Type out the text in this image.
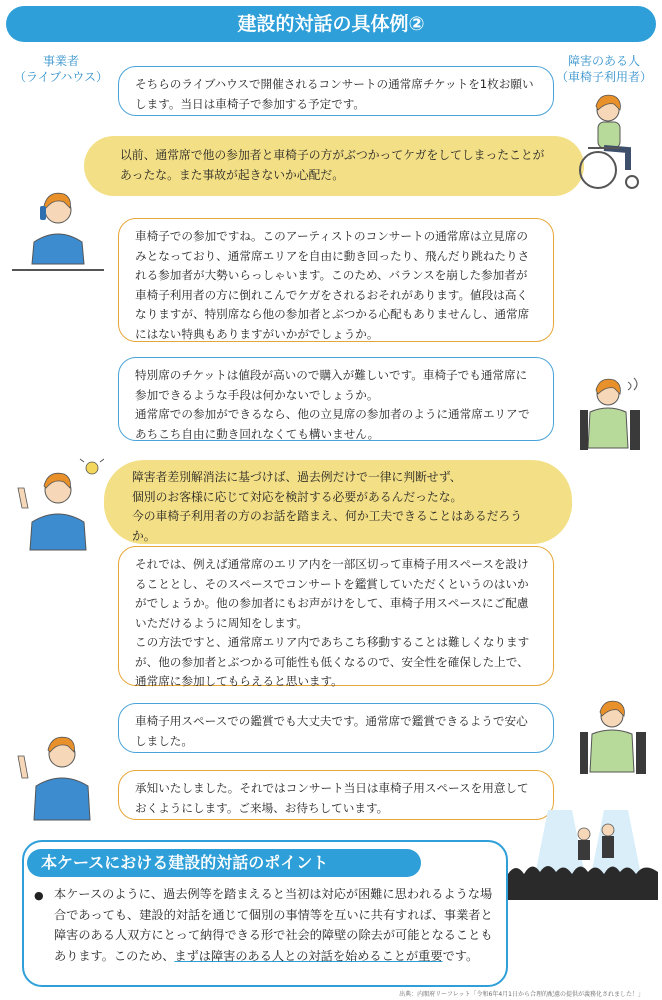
建設的対話の具体例②
事業者
（ライブハウス）
障害のある人
（車椅子利用者）
そちらのライブハウスで開催されるコンサートの通常席チケットを1枚お願いします。当日は車椅子で参加する予定です。
以前、通常席で他の参加者と車椅子の方がぶつかってケガをしてしまったことがあったな。また事故が起きないか心配だ。
車椅子での参加ですね。このアーティストのコンサートの通常席は立見席のみとなっており、通常席エリアを自由に動き回ったり、飛んだり跳ねたりされる参加者が大勢いらっしゃいます。このため、バランスを崩した参加者が車椅子利用者の方に倒れこんでケガをされるおそれがあります。値段は高くなりますが、特別席なら他の参加者とぶつかる心配もありませんし、通常席にはない特典もありますがいかがでしょうか。
特別席のチケットは値段が高いので購入が難しいです。車椅子でも通常席に参加できるような手段は何かないでしょうか。
通常席での参加ができるなら、他の立見席の参加者のように通常席エリアであちこち自由に動き回れなくても構いません。
障害者差別解消法に基づけば、過去例だけで一律に判断せず、
個別のお客様に応じて対応を検討する必要があるんだったな。
今の車椅子利用者の方のお話を踏まえ、何か工夫できることはあるだろうか。
それでは、例えば通常席のエリア内を一部区切って車椅子用スペースを設けることとし、そのスペースでコンサートを鑑賞していただくというのはいかがでしょうか。他の参加者にもお声がけをして、車椅子用スペースにご配慮いただけるように周知をします。
この方法ですと、通常席エリア内であちこち移動することは難しくなりますが、他の参加者とぶつかる可能性も低くなるので、安全性を確保した上で、通常席に参加してもらえると思います。
車椅子用スペースでの鑑賞でも大丈夫です。通常席で鑑賞できるようで安心しました。
承知いたしました。それではコンサート当日は車椅子用スペースを用意しておくようにします。ご来場、お待ちしています。
本ケースにおける建設的対話のポイント
● 本ケースのように、過去例等を踏まえると当初は対応が困難に思われるような場合であっても、建設的対話を通じて個別の事情等を互いに共有すれば、事業者と障害のある人双方にとって納得できる形で社会的障壁の除去が可能となることもあります。このため、まずは障害のある人との対話を始めることが重要です。
出典：内閣府リーフレット「令和6年4月1日から合理的配慮の提供が義務化されました！」
